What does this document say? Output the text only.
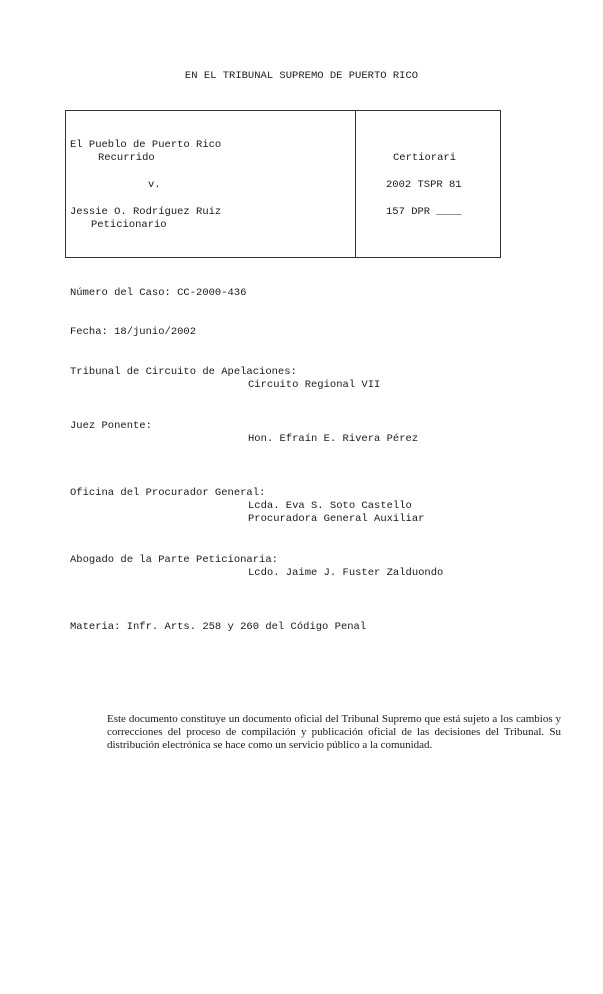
EN EL TRIBUNAL SUPREMO DE PUERTO RICO
El Pueblo de Puerto Rico
Recurrido
v.
Jessie O. Rodríguez Ruiz
Peticionario
Certiorari
2002 TSPR 81
157 DPR ____
Número del Caso: CC-2000-436
Fecha: 18/junio/2002
Tribunal de Circuito de Apelaciones:
Circuito Regional VII
Juez Ponente:
Hon. Efraín E. Rivera Pérez
Oficina del Procurador General:
Lcda. Eva S. Soto Castello
Procuradora General Auxiliar
Abogado de la Parte Peticionaria:
Lcdo. Jaime J. Fuster Zalduondo
Materia: Infr. Arts. 258 y 260 del Código Penal
Este documento constituye un documento oficial del Tribunal Supremo que está sujeto a los cambios y correcciones del proceso de compilación y publicación oficial de las decisiones del Tribunal. Su distribución electrónica se hace como un servicio público a la comunidad.
